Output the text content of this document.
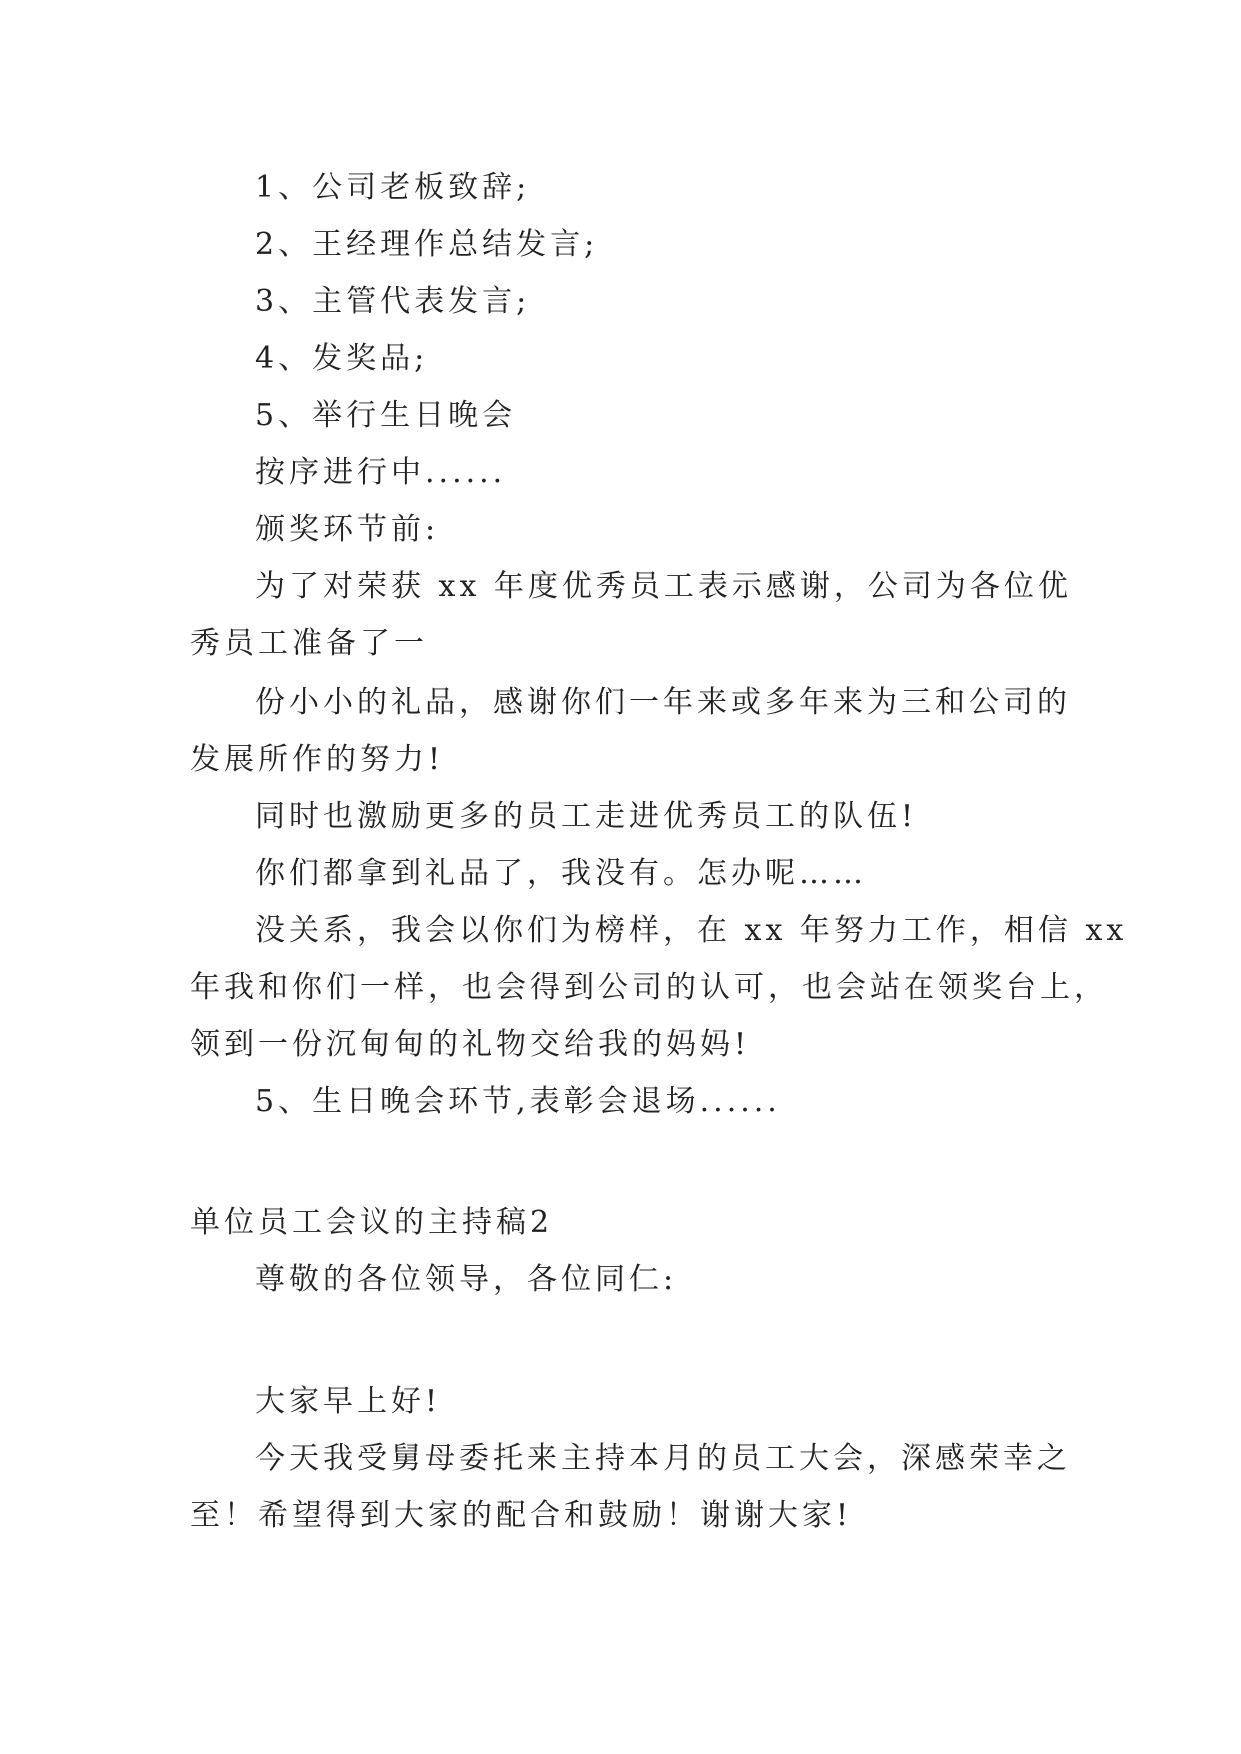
1、公司老板致辞;
2、王经理作总结发言;
3、主管代表发言;
4、发奖品;
5、举行生日晚会
按序进行中......
颁奖环节前:
为了对荣获 xx 年度优秀员工表示感谢，公司为各位优
秀员工准备了一
份小小的礼品，感谢你们一年来或多年来为三和公司的
发展所作的努力!
同时也激励更多的员工走进优秀员工的队伍!
你们都拿到礼品了，我没有。怎办呢……
没关系，我会以你们为榜样，在 xx 年努力工作，相信 xx
年我和你们一样，也会得到公司的认可，也会站在领奖台上，
领到一份沉甸甸的礼物交给我的妈妈!
5、生日晚会环节,表彰会退场......
单位员工会议的主持稿2
尊敬的各位领导，各位同仁:
大家早上好!
今天我受舅母委托来主持本月的员工大会，深感荣幸之
至！希望得到大家的配合和鼓励！谢谢大家!
